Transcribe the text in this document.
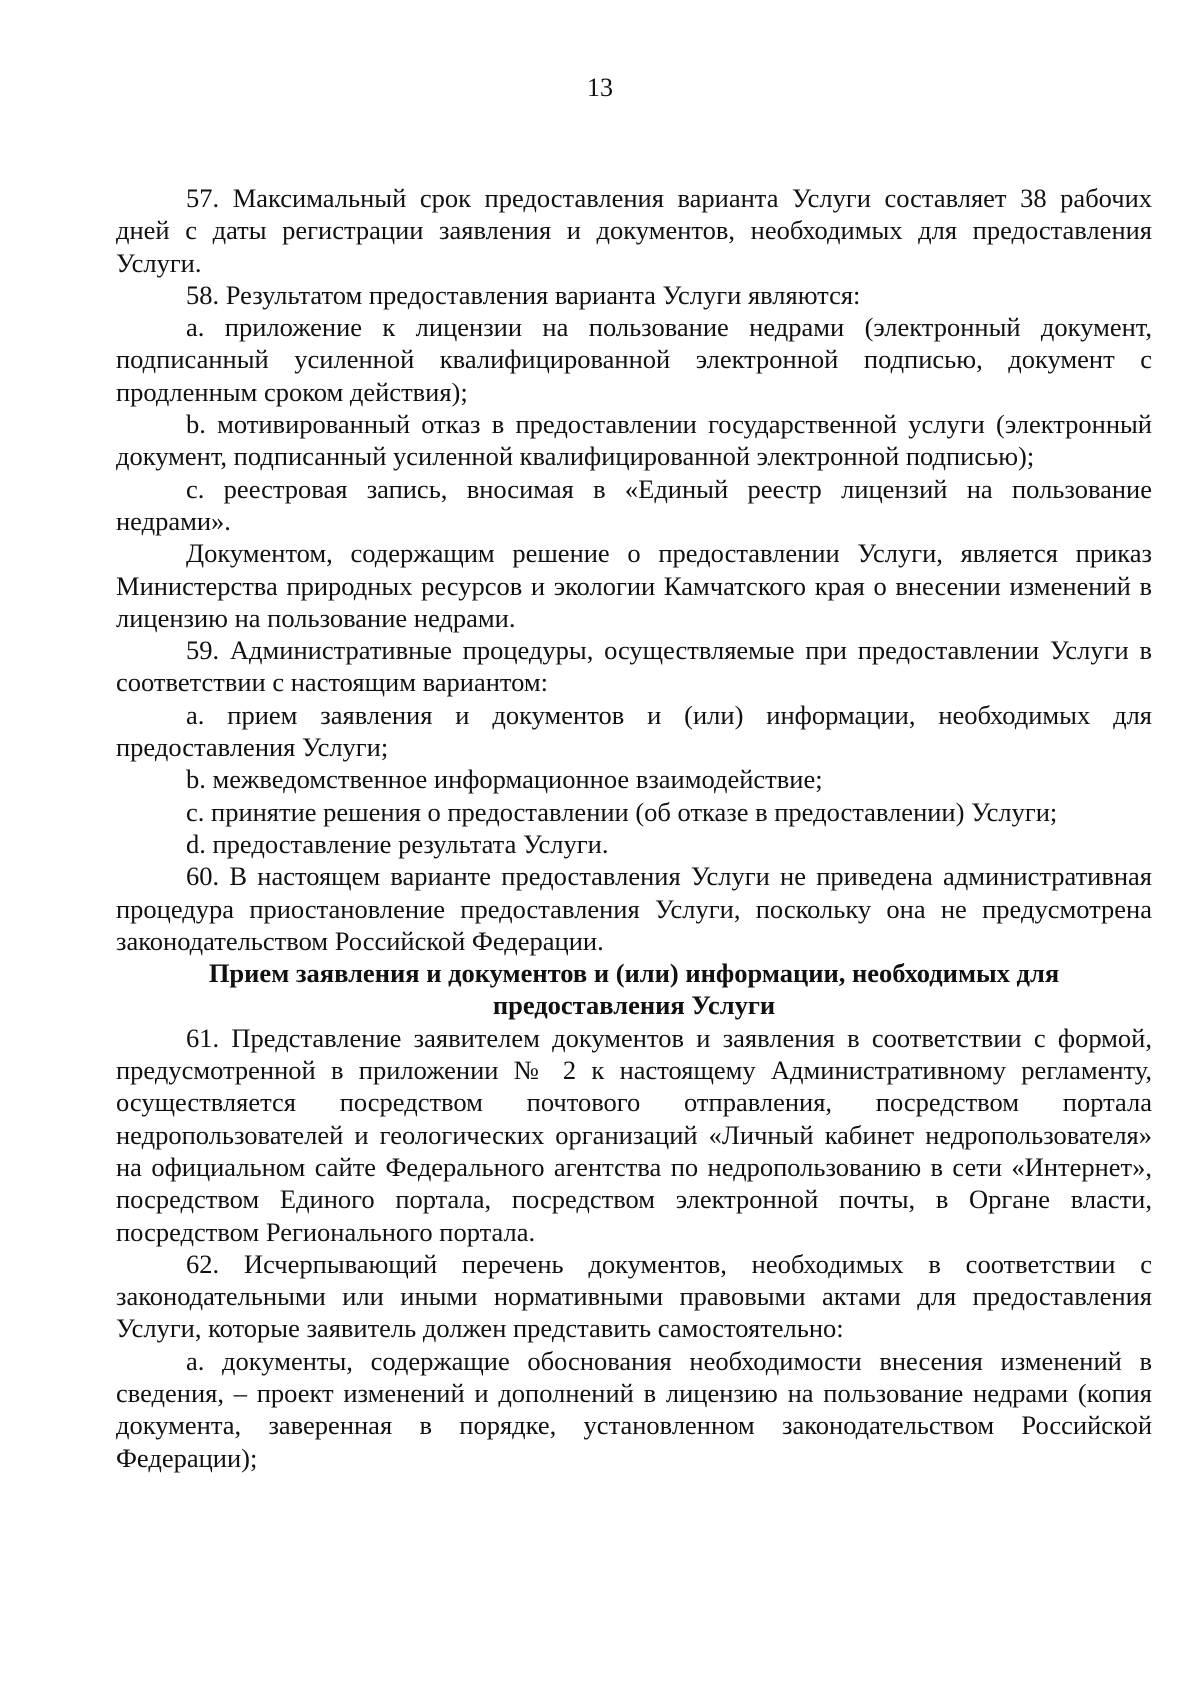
13

57. Максимальный срок предоставления варианта Услуги составляет 38 рабочих дней с даты регистрации заявления и документов, необходимых для предоставления Услуги.

58. Результатом предоставления варианта Услуги являются:

a. приложение к лицензии на пользование недрами (электронный документ, подписанный усиленной квалифицированной электронной подписью, документ с продленным сроком действия);

b. мотивированный отказ в предоставлении государственной услуги (электронный документ, подписанный усиленной квалифицированной электронной подписью);

c. реестровая запись, вносимая в «Единый реестр лицензий на пользование недрами».

Документом, содержащим решение о предоставлении Услуги, является приказ Министерства природных ресурсов и экологии Камчатского края о внесении изменений в лицензию на пользование недрами.

59. Административные процедуры, осуществляемые при предоставлении Услуги в соответствии с настоящим вариантом:

a. прием заявления и документов и (или) информации, необходимых для предоставления Услуги;

b. межведомственное информационное взаимодействие;

c. принятие решения о предоставлении (об отказе в предоставлении) Услуги;

d. предоставление результата Услуги.

60. В настоящем варианте предоставления Услуги не приведена административная процедура приостановление предоставления Услуги, поскольку она не предусмотрена законодательством Российской Федерации.

Прием заявления и документов и (или) информации, необходимых для предоставления Услуги

61. Представление заявителем документов и заявления в соответствии с формой, предусмотренной в приложении № 2 к настоящему Административному регламенту, осуществляется посредством почтового отправления, посредством портала недропользователей и геологических организаций «Личный кабинет недропользователя» на официальном сайте Федерального агентства по недропользованию в сети «Интернет», посредством Единого портала, посредством электронной почты, в Органе власти, посредством Регионального портала.

62. Исчерпывающий перечень документов, необходимых в соответствии с законодательными или иными нормативными правовыми актами для предоставления Услуги, которые заявитель должен представить самостоятельно:

a. документы, содержащие обоснования необходимости внесения изменений в сведения, – проект изменений и дополнений в лицензию на пользование недрами (копия документа, заверенная в порядке, установленном законодательством Российской Федерации);
